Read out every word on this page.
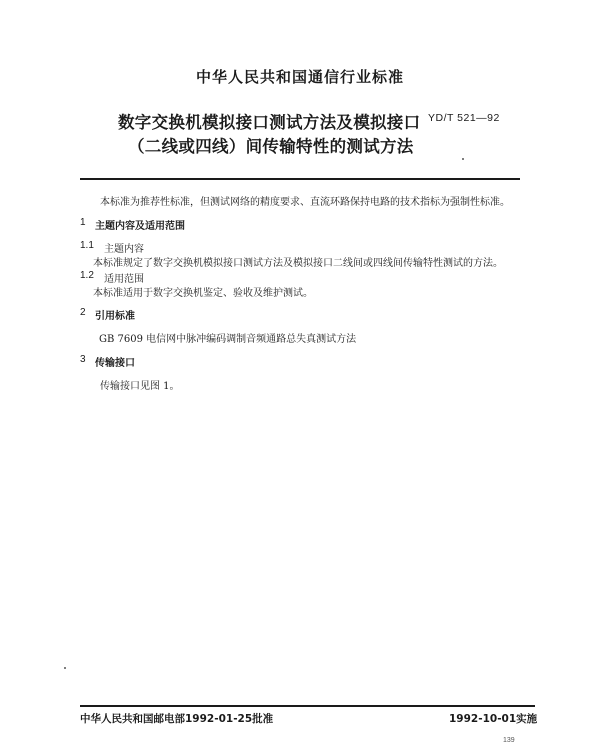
中华人民共和国通信行业标准
数字交换机模拟接口测试方法及模拟接口
（二线或四线）间传输特性的测试方法
YD/T 521—92
本标准为推荐性标准，但测试网络的精度要求、直流环路保持电路的技术指标为强制性标准。
1 主题内容及适用范围
1.1 主题内容
本标准规定了数字交换机模拟接口测试方法及模拟接口二线间或四线间传输特性测试的方法。
1.2 适用范围
本标准适用于数字交换机鉴定、验收及维护测试。
2 引用标准
GB 7609 电信网中脉冲编码调制音频通路总失真测试方法
3 传输接口
传输接口见图 1。
中华人民共和国邮电部1992-01-25批准	1992-10-01实施
139
